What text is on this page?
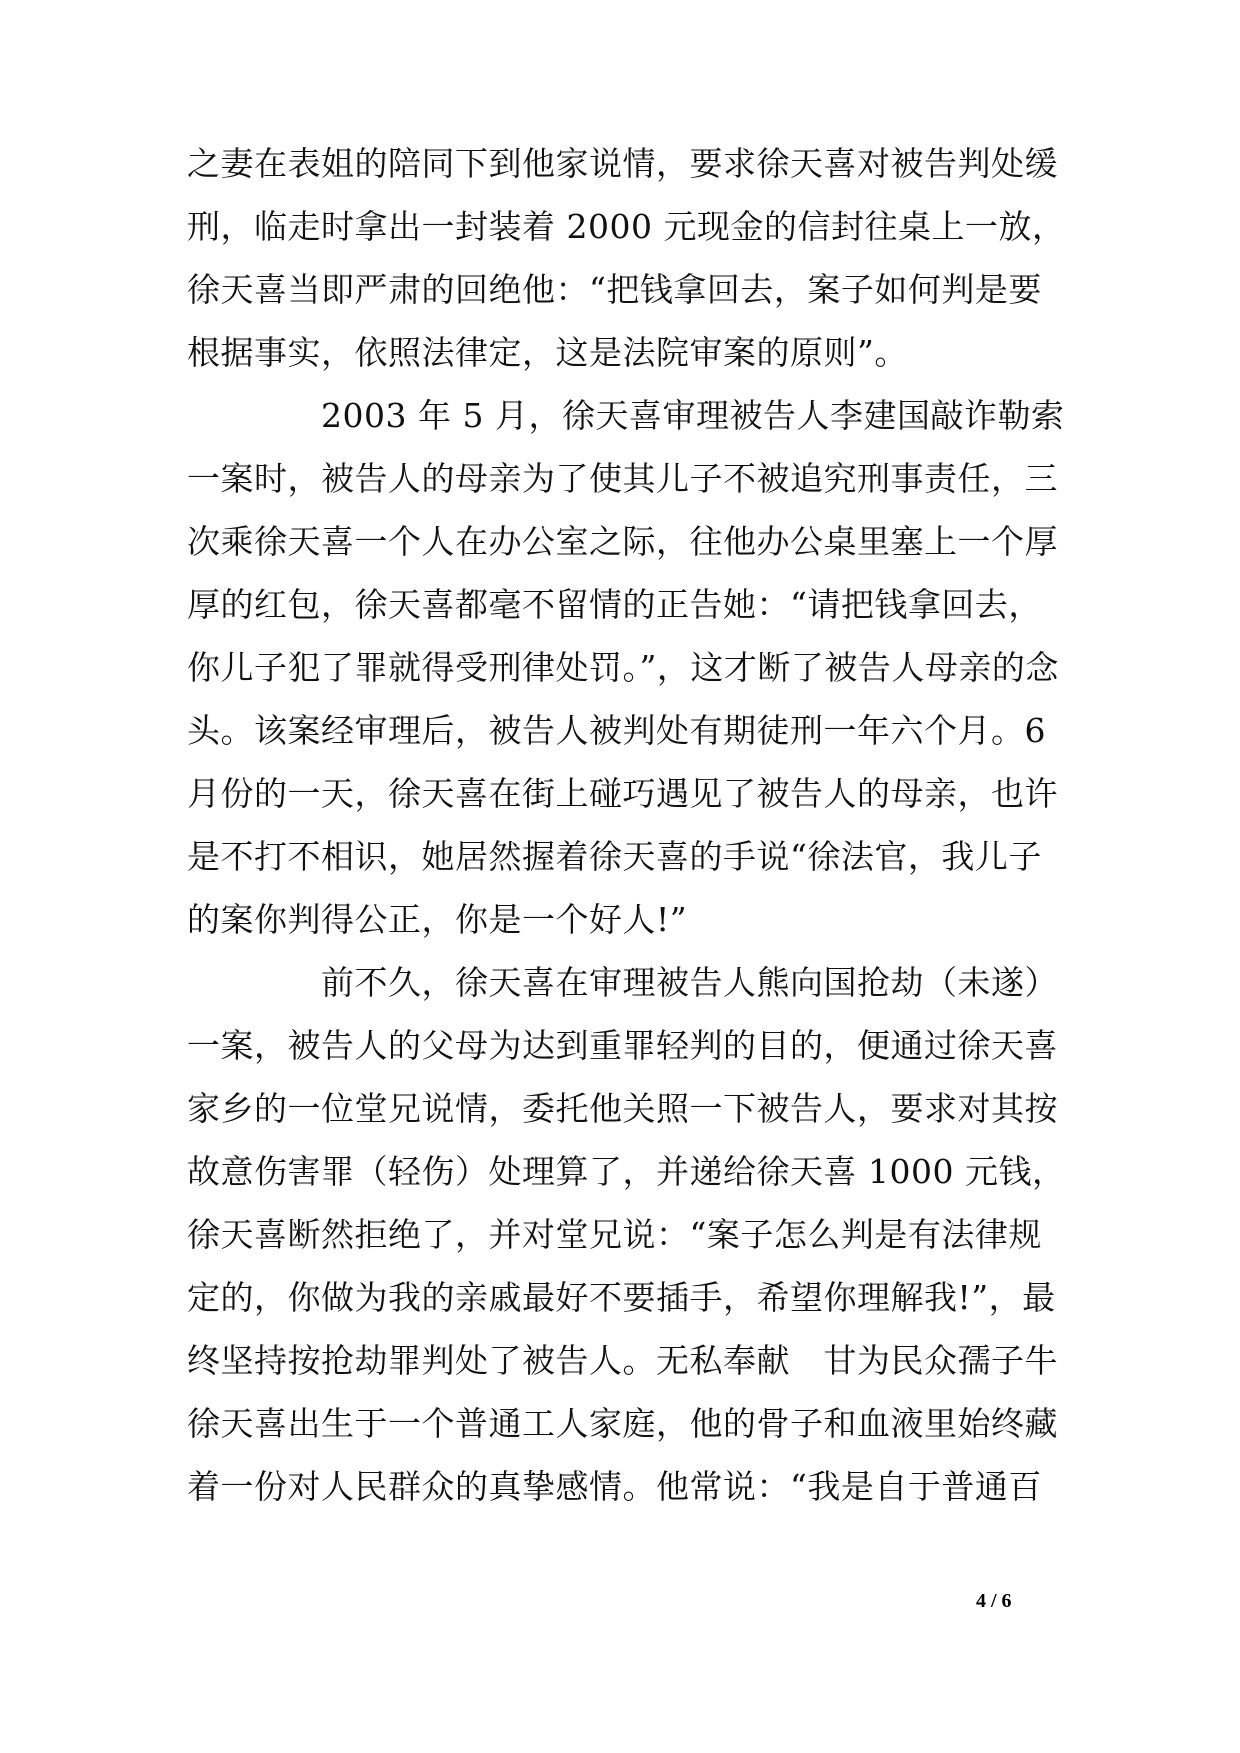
之妻在表姐的陪同下到他家说情，要求徐天喜对被告判处缓
刑，临走时拿出一封装着 2000 元现金的信封往桌上一放，
徐天喜当即严肃的回绝他：“把钱拿回去，案子如何判是要
根据事实，依照法律定，这是法院审案的原则”。
　　　　2003 年 5 月，徐天喜审理被告人李建国敲诈勒索
一案时，被告人的母亲为了使其儿子不被追究刑事责任，三
次乘徐天喜一个人在办公室之际，往他办公桌里塞上一个厚
厚的红包，徐天喜都毫不留情的正告她：“请把钱拿回去，
你儿子犯了罪就得受刑律处罚。”，这才断了被告人母亲的念
头。该案经审理后，被告人被判处有期徒刑一年六个月。6
月份的一天，徐天喜在街上碰巧遇见了被告人的母亲，也许
是不打不相识，她居然握着徐天喜的手说“徐法官，我儿子
的案你判得公正，你是一个好人!”
　　　　前不久，徐天喜在审理被告人熊向国抢劫（未遂）
一案，被告人的父母为达到重罪轻判的目的，便通过徐天喜
家乡的一位堂兄说情，委托他关照一下被告人，要求对其按
故意伤害罪（轻伤）处理算了，并递给徐天喜 1000 元钱，
徐天喜断然拒绝了，并对堂兄说：“案子怎么判是有法律规
定的，你做为我的亲戚最好不要插手，希望你理解我!”，最
终坚持按抢劫罪判处了被告人。无私奉献　甘为民众孺子牛
徐天喜出生于一个普通工人家庭，他的骨子和血液里始终藏
着一份对人民群众的真挚感情。他常说：“我是自于普通百
4 / 6
